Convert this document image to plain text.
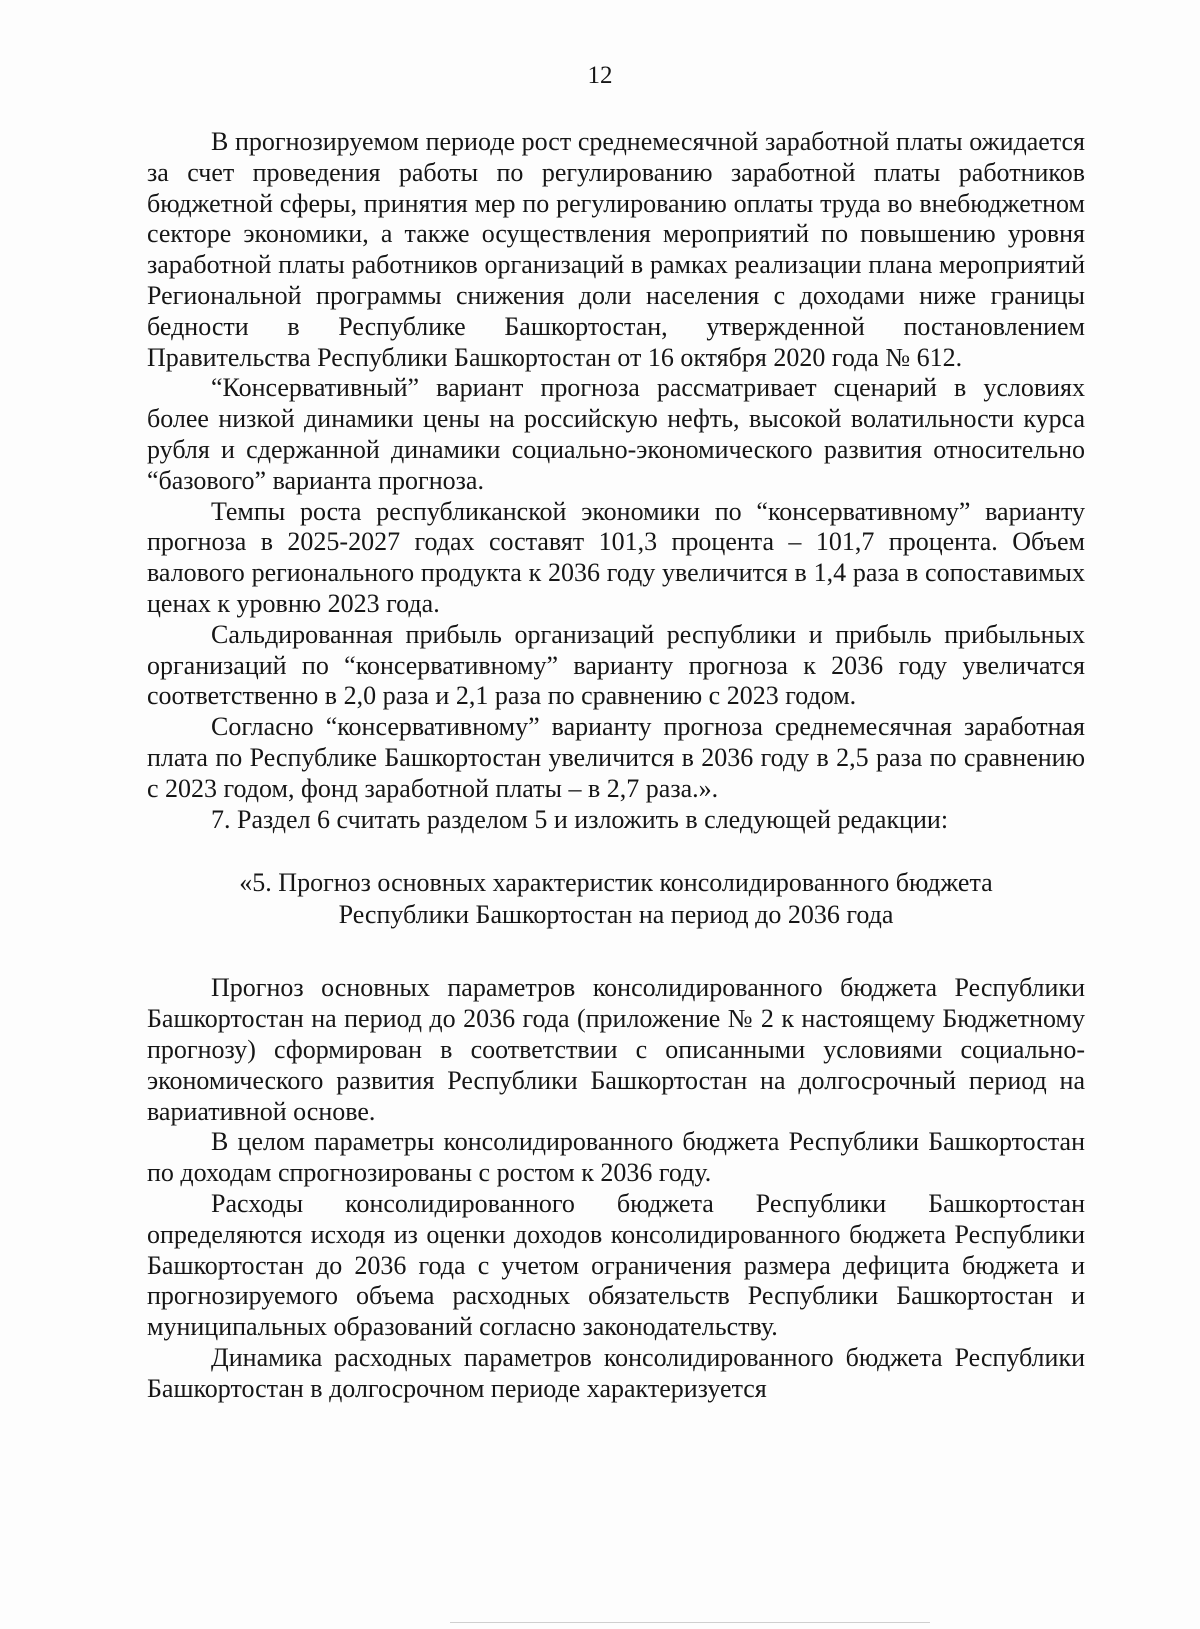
12

В прогнозируемом периоде рост среднемесячной заработной платы ожидается за счет проведения работы по регулированию заработной платы работников бюджетной сферы, принятия мер по регулированию оплаты труда во внебюджетном секторе экономики, а также осуществления мероприятий по повышению уровня заработной платы работников организаций в рамках реализации плана мероприятий Региональной программы снижения доли населения с доходами ниже границы бедности в Республике Башкортостан, утвержденной постановлением Правительства Республики Башкортостан от 16 октября 2020 года № 612.

“Консервативный” вариант прогноза рассматривает сценарий в условиях более низкой динамики цены на российскую нефть, высокой волатильности курса рубля и сдержанной динамики социально-экономического развития относительно “базового” варианта прогноза.

Темпы роста республиканской экономики по “консервативному” варианту прогноза в 2025-2027 годах составят 101,3 процента – 101,7 процента. Объем валового регионального продукта к 2036 году увеличится в 1,4 раза в сопоставимых ценах к уровню 2023 года.

Сальдированная прибыль организаций республики и прибыль прибыльных организаций по “консервативному” варианту прогноза к 2036 году увеличатся соответственно в 2,0 раза и 2,1 раза по сравнению с 2023 годом.

Согласно “консервативному” варианту прогноза среднемесячная заработная плата по Республике Башкортостан увеличится в 2036 году в 2,5 раза по сравнению с 2023 годом, фонд заработной платы – в 2,7 раза.».

7. Раздел 6 считать разделом 5 и изложить в следующей редакции:

«5. Прогноз основных характеристик консолидированного бюджета
Республики Башкортостан на период до 2036 года

Прогноз основных параметров консолидированного бюджета Республики Башкортостан на период до 2036 года (приложение № 2 к настоящему Бюджетному прогнозу) сформирован в соответствии с описанными условиями социально-экономического развития Республики Башкортостан на долгосрочный период на вариативной основе.

В целом параметры консолидированного бюджета Республики Башкортостан по доходам спрогнозированы с ростом к 2036 году.

Расходы консолидированного бюджета Республики Башкортостан определяются исходя из оценки доходов консолидированного бюджета Республики Башкортостан до 2036 года с учетом ограничения размера дефицита бюджета и прогнозируемого объема расходных обязательств Республики Башкортостан и муниципальных образований согласно законодательству.

Динамика расходных параметров консолидированного бюджета Республики Башкортостан в долгосрочном периоде характеризуется
